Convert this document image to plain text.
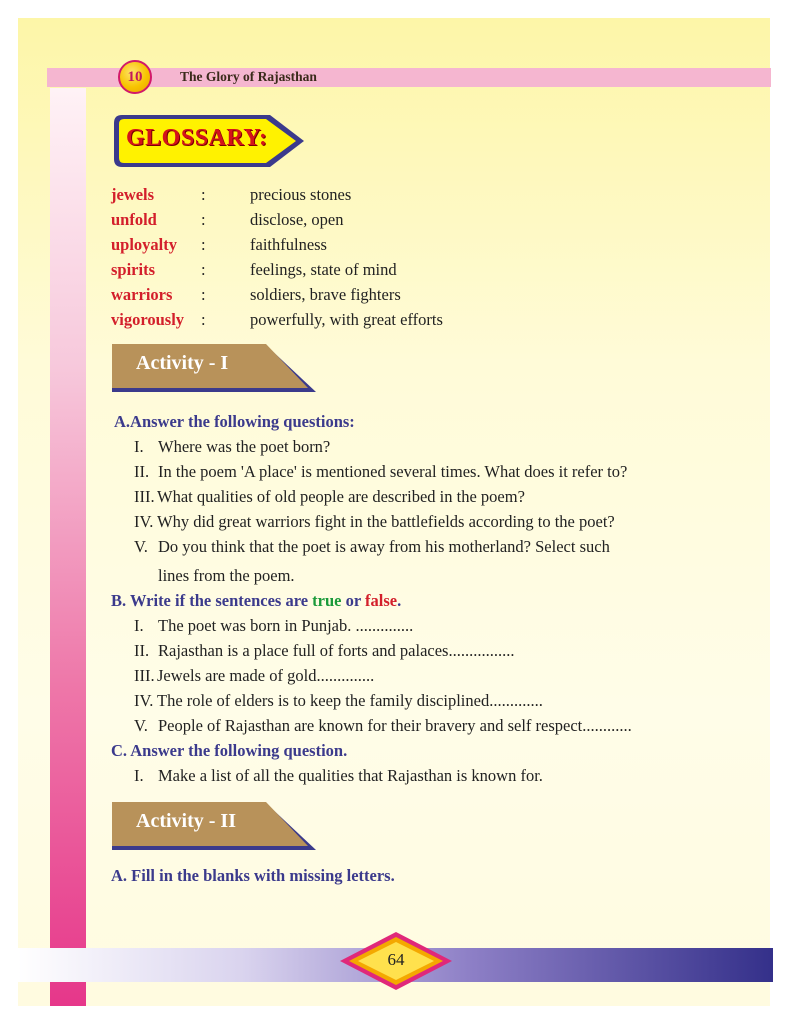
10	The Glory of Rajasthan
GLOSSARY:
jewels	:	precious stones
unfold	:	disclose, open
uployalty :	faithfulness
spirits	:	feelings, state of mind
warriors :	soldiers, brave fighters
vigorously :	powerfully, with great efforts
Activity - I
A.Answer the following questions:
I. Where was the poet born?
II. In the poem 'A place' is mentioned several times. What does it refer to?
III. What qualities of old people are described in the poem?
IV. Why did great warriors fight in the battlefields according to the poet?
V. Do you think that the poet is away from his motherland? Select such
lines from the poem.
B. Write if the sentences are true or false.
I. The poet was born in Punjab. ..............
II. Rajasthan is a place full of forts and palaces................
III. Jewels are made of gold..............
IV. The role of elders is to keep the family disciplined.............
V. People of Rajasthan are known for their bravery and self respect............
C. Answer the following question.
I. Make a list of all the qualities that Rajasthan is known for.
Activity - II
A. Fill in the blanks with missing letters.
64
